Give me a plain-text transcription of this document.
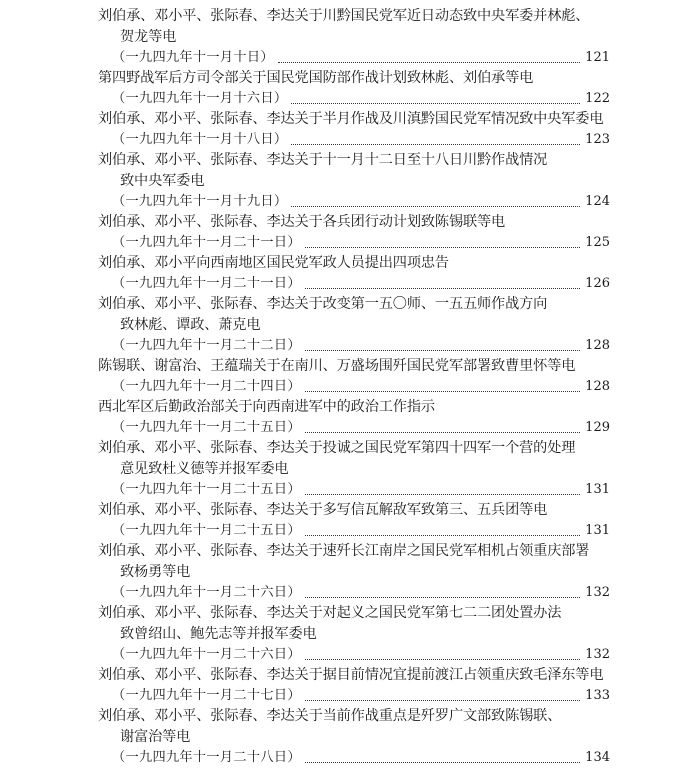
刘伯承、邓小平、张际春、李达关于川黔国民党军近日动态致中央军委并林彪、
贺龙等电
（一九四九年十一月十日）	121
第四野战军后方司令部关于国民党国防部作战计划致林彪、刘伯承等电
（一九四九年十一月十六日）	122
刘伯承、邓小平、张际春、李达关于半月作战及川滇黔国民党军情况致中央军委电
（一九四九年十一月十八日）	123
刘伯承、邓小平、张际春、李达关于十一月十二日至十八日川黔作战情况
致中央军委电
（一九四九年十一月十九日）	124
刘伯承、邓小平、张际春、李达关于各兵团行动计划致陈锡联等电
（一九四九年十一月二十一日）	125
刘伯承、邓小平向西南地区国民党军政人员提出四项忠告
（一九四九年十一月二十一日）	126
刘伯承、邓小平、张际春、李达关于改变第一五〇师、一五五师作战方向
致林彪、谭政、萧克电
（一九四九年十一月二十二日）	128
陈锡联、谢富治、王蕴瑞关于在南川、万盛场围歼国民党军部署致曹里怀等电
（一九四九年十一月二十四日）	128
西北军区后勤政治部关于向西南进军中的政治工作指示
（一九四九年十一月二十五日）	129
刘伯承、邓小平、张际春、李达关于投诚之国民党军第四十四军一个营的处理
意见致杜义德等并报军委电
（一九四九年十一月二十五日）	131
刘伯承、邓小平、张际春、李达关于多写信瓦解敌军致第三、五兵团等电
（一九四九年十一月二十五日）	131
刘伯承、邓小平、张际春、李达关于速歼长江南岸之国民党军相机占领重庆部署
致杨勇等电
（一九四九年十一月二十六日）	132
刘伯承、邓小平、张际春、李达关于对起义之国民党军第七二二团处置办法
致曾绍山、鲍先志等并报军委电
（一九四九年十一月二十六日）	132
刘伯承、邓小平、张际春、李达关于据目前情况宜提前渡江占领重庆致毛泽东等电
（一九四九年十一月二十七日）	133
刘伯承、邓小平、张际春、李达关于当前作战重点是歼罗广文部致陈锡联、
谢富治等电
（一九四九年十一月二十八日）	134
